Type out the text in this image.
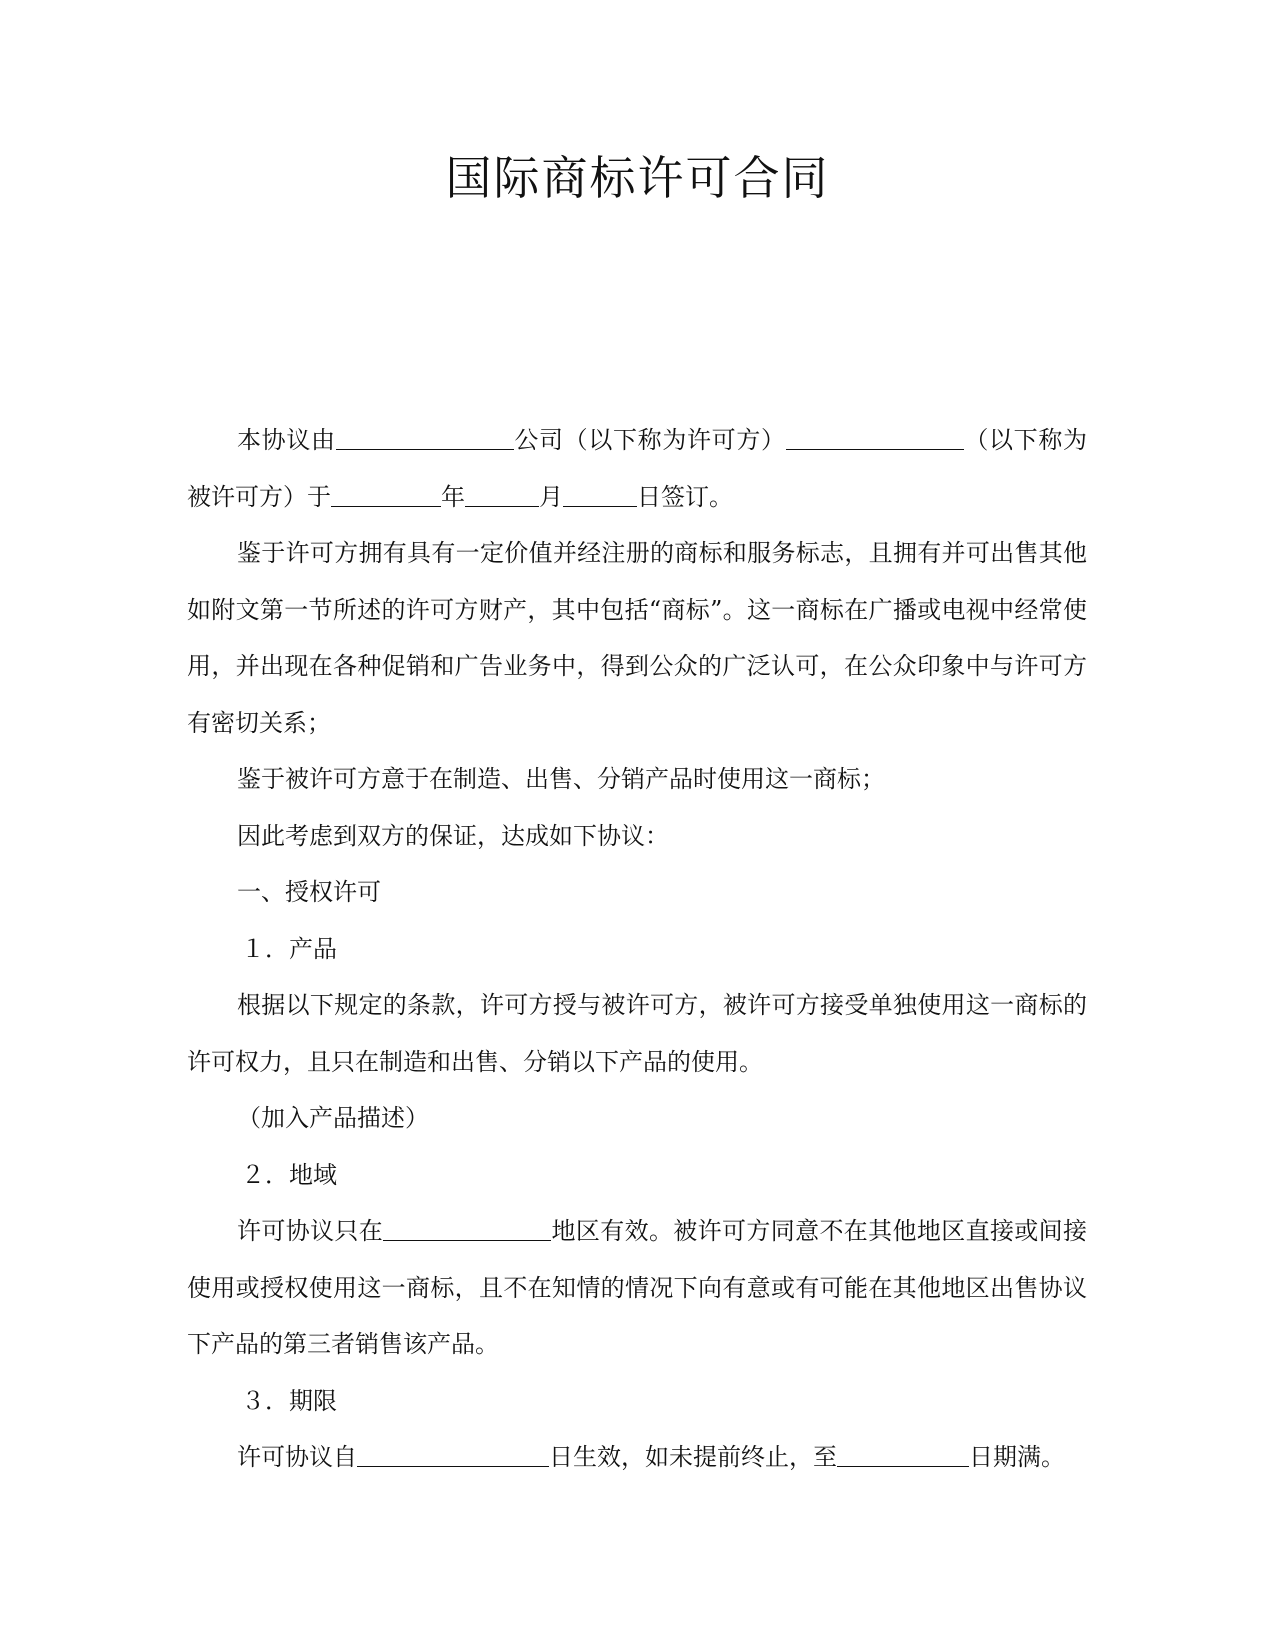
国际商标许可合同

本协议由	公司（以下称为许可方）	（以下称为被许可方）于	年	月	日签订。

鉴于许可方拥有具有一定价值并经注册的商标和服务标志，且拥有并可出售其他如附文第一节所述的许可方财产，其中包括“商标”。这一商标在广播或电视中经常使用，并出现在各种促销和广告业务中，得到公众的广泛认可，在公众印象中与许可方有密切关系；

鉴于被许可方意于在制造、出售、分销产品时使用这一商标；

因此考虑到双方的保证，达成如下协议：

一、授权许可

１．产品

根据以下规定的条款，许可方授与被许可方，被许可方接受单独使用这一商标的许可权力，且只在制造和出售、分销以下产品的使用。

（加入产品描述）

２．地域

许可协议只在	地区有效。被许可方同意不在其他地区直接或间接使用或授权使用这一商标，且不在知情的情况下向有意或有可能在其他地区出售协议下产品的第三者销售该产品。

３．期限

许可协议自	日生效，如未提前终止，至	日期满。
